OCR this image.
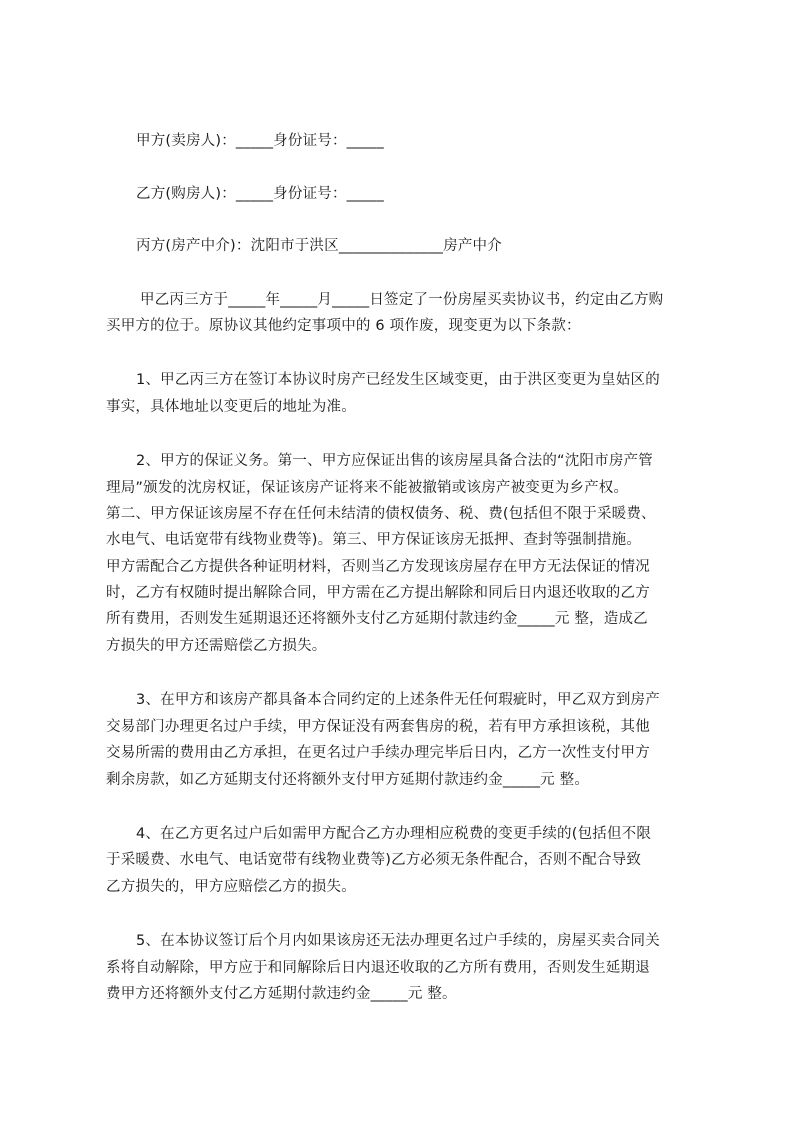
甲方(卖房人)：_____身份证号：_____
乙方(购房人)：_____身份证号：_____
丙方(房产中介)：沈阳市于洪区______________房产中介
甲乙丙三方于_____年_____月_____日签定了一份房屋买卖协议书，约定由乙方购
买甲方的位于。原协议其他约定事项中的 6 项作废，现变更为以下条款：
1、甲乙丙三方在签订本协议时房产已经发生区域变更，由于洪区变更为皇姑区的
事实，具体地址以变更后的地址为准。
2、甲方的保证义务。第一、甲方应保证出售的该房屋具备合法的“沈阳市房产管
理局”颁发的沈房权证，保证该房产证将来不能被撤销或该房产被变更为乡产权。
第二、甲方保证该房屋不存在任何未结清的债权债务、税、费(包括但不限于采暖费、
水电气、电话宽带有线物业费等)。第三、甲方保证该房无抵押、查封等强制措施。
甲方需配合乙方提供各种证明材料，否则当乙方发现该房屋存在甲方无法保证的情况
时，乙方有权随时提出解除合同，甲方需在乙方提出解除和同后日内退还收取的乙方
所有费用，否则发生延期退还还将额外支付乙方延期付款违约金_____元 整，造成乙
方损失的甲方还需赔偿乙方损失。
3、在甲方和该房产都具备本合同约定的上述条件无任何瑕疵时，甲乙双方到房产
交易部门办理更名过户手续，甲方保证没有两套售房的税，若有甲方承担该税，其他
交易所需的费用由乙方承担，在更名过户手续办理完毕后日内，乙方一次性支付甲方
剩余房款，如乙方延期支付还将额外支付甲方延期付款违约金_____元 整。
4、在乙方更名过户后如需甲方配合乙方办理相应税费的变更手续的(包括但不限
于采暖费、水电气、电话宽带有线物业费等)乙方必须无条件配合，否则不配合导致
乙方损失的，甲方应赔偿乙方的损失。
5、在本协议签订后个月内如果该房还无法办理更名过户手续的，房屋买卖合同关
系将自动解除，甲方应于和同解除后日内退还收取的乙方所有费用，否则发生延期退
费甲方还将额外支付乙方延期付款违约金_____元 整。
